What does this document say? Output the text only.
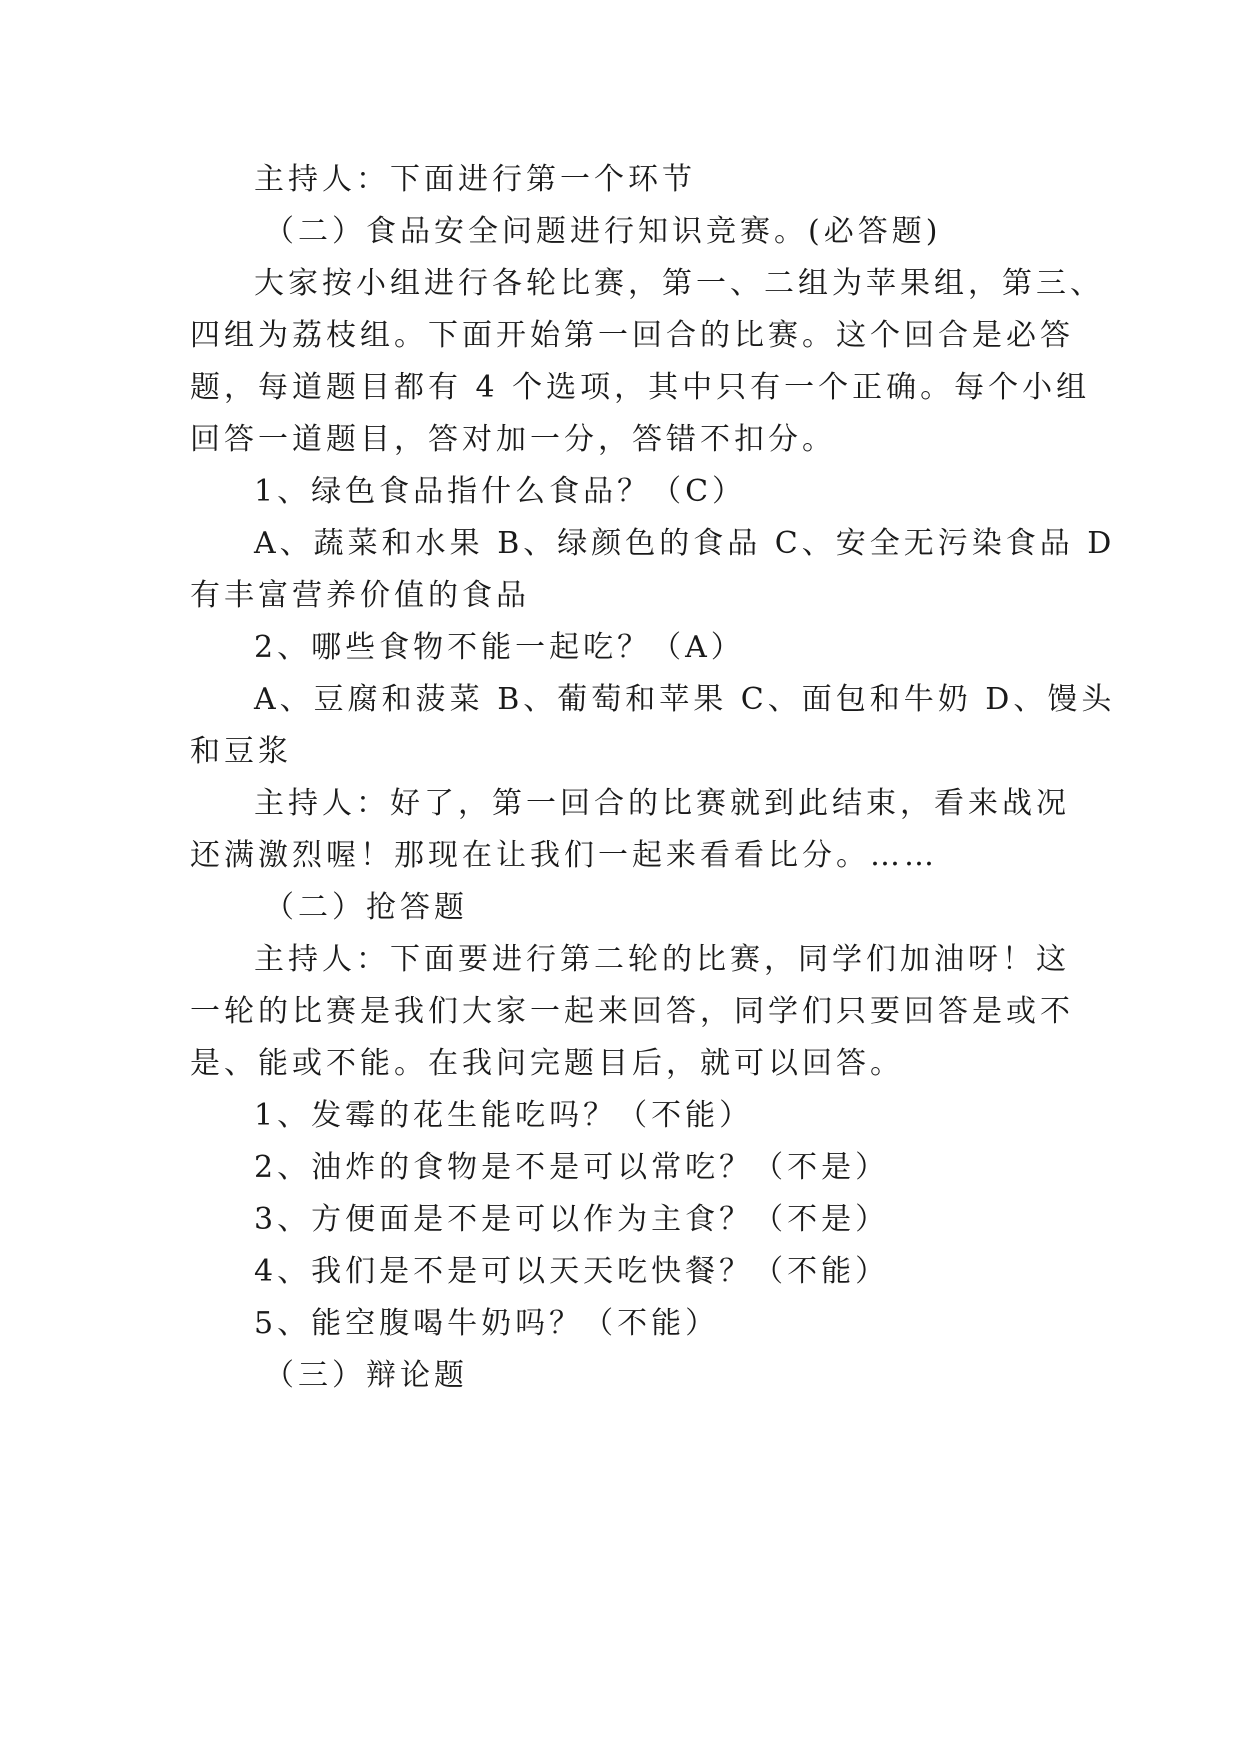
主持人：下面进行第一个环节
（二）食品安全问题进行知识竞赛。(必答题)
大家按小组进行各轮比赛，第一、二组为苹果组，第三、
四组为荔枝组。下面开始第一回合的比赛。这个回合是必答
题，每道题目都有 4 个选项，其中只有一个正确。每个小组
回答一道题目，答对加一分，答错不扣分。
1、绿色食品指什么食品？（C）
A、蔬菜和水果 B、绿颜色的食品 C、安全无污染食品 D
有丰富营养价值的食品
2、哪些食物不能一起吃？（A）
A、豆腐和菠菜 B、葡萄和苹果 C、面包和牛奶 D、馒头
和豆浆
主持人：好了，第一回合的比赛就到此结束，看来战况
还满激烈喔！那现在让我们一起来看看比分。……
（二）抢答题
主持人：下面要进行第二轮的比赛，同学们加油呀！这
一轮的比赛是我们大家一起来回答，同学们只要回答是或不
是、能或不能。在我问完题目后，就可以回答。
1、发霉的花生能吃吗？（不能）
2、油炸的食物是不是可以常吃？（不是）
3、方便面是不是可以作为主食？（不是）
4、我们是不是可以天天吃快餐？（不能）
5、能空腹喝牛奶吗？（不能）
（三）辩论题
